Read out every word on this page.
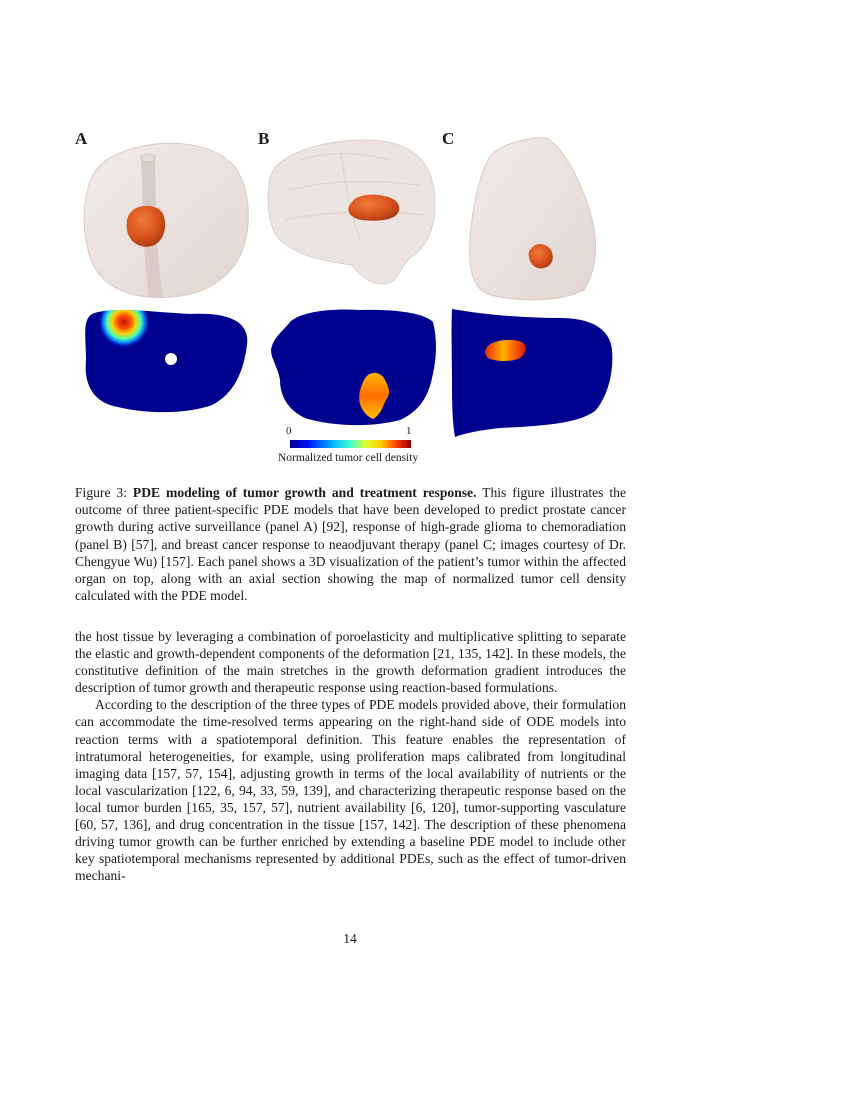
A	B	C
0	1
Normalized tumor cell density
Figure 3: PDE modeling of tumor growth and treatment response. This figure illustrates the outcome of three patient-specific PDE models that have been developed to predict prostate cancer growth during active surveillance (panel A) [92], response of high-grade glioma to chemoradiation (panel B) [57], and breast cancer response to neaodjuvant therapy (panel C; images courtesy of Dr. Chengyue Wu) [157]. Each panel shows a 3D visualization of the patient’s tumor within the affected organ on top, along with an axial section showing the map of normalized tumor cell density calculated with the PDE model.

the host tissue by leveraging a combination of poroelasticity and multiplicative splitting to separate the elastic and growth-dependent components of the deformation [21, 135, 142]. In these models, the constitutive definition of the main stretches in the growth deformation gradient introduces the description of tumor growth and therapeutic response using reaction-based formulations.

According to the description of the three types of PDE models provided above, their formulation can accommodate the time-resolved terms appearing on the right-hand side of ODE models into reaction terms with a spatiotemporal definition. This feature enables the representation of intratumoral heterogeneities, for example, using proliferation maps calibrated from longitudinal imaging data [157, 57, 154], adjusting growth in terms of the local availability of nutrients or the local vascularization [122, 6, 94, 33, 59, 139], and characterizing therapeutic response based on the local tumor burden [165, 35, 157, 57], nutrient availability [6, 120], tumor-supporting vasculature [60, 57, 136], and drug concentration in the tissue [157, 142]. The description of these phenomena driving tumor growth can be further enriched by extending a baseline PDE model to include other key spatiotemporal mechanisms represented by additional PDEs, such as the effect of tumor-driven mechani-

14
